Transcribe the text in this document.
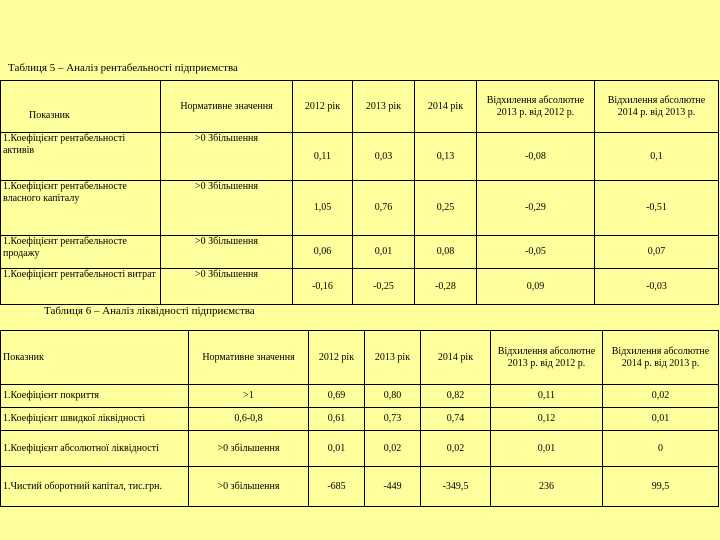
Таблиця 5 – Аналіз рентабельності підприємства
Показник	Нормативне значення	2012 рік	2013 рік	2014 рік	Відхилення абсолютне 2013 р. від 2012 р.	Відхилення абсолютне 2014 р. від 2013 р.
1.Коефіцієнт рентабельності активів	>0 Збільшення	0,11	0,03	0,13	-0,08	0,1
1.Коефіцієнт рентабельносте власного капіталу	>0 Збільшення	1,05	0,76	0,25	-0,29	-0,51
1.Коефіцієнт рентабельносте продажу	>0 Збільшення	0,06	0,01	0,08	-0,05	0,07
1.Коефіцієнт рентабельності витрат	>0 Збільшення	-0,16	-0,25	-0,28	0,09	-0,03
Таблиця 6 – Аналіз ліквідності підприємства
Показник	Нормативне значення	2012 рік	2013 рік	2014 рік	Відхилення абсолютне 2013 р. від 2012 р.	Відхилення абсолютне 2014 р. від 2013 р.
1.Коефіцієнт покриття	>1	0,69	0,80	0,82	0,11	0,02
1.Коефіцієнт швидкої ліквідності	0,6-0,8	0,61	0,73	0,74	0,12	0,01
1.Коефіцієнт абсолютної ліквідності	>0 збільшення	0,01	0,02	0,02	0,01	0
1.Чистий оборотний капітал, тис.грн.	>0 збільшення	-685	-449	-349,5	236	99,5
